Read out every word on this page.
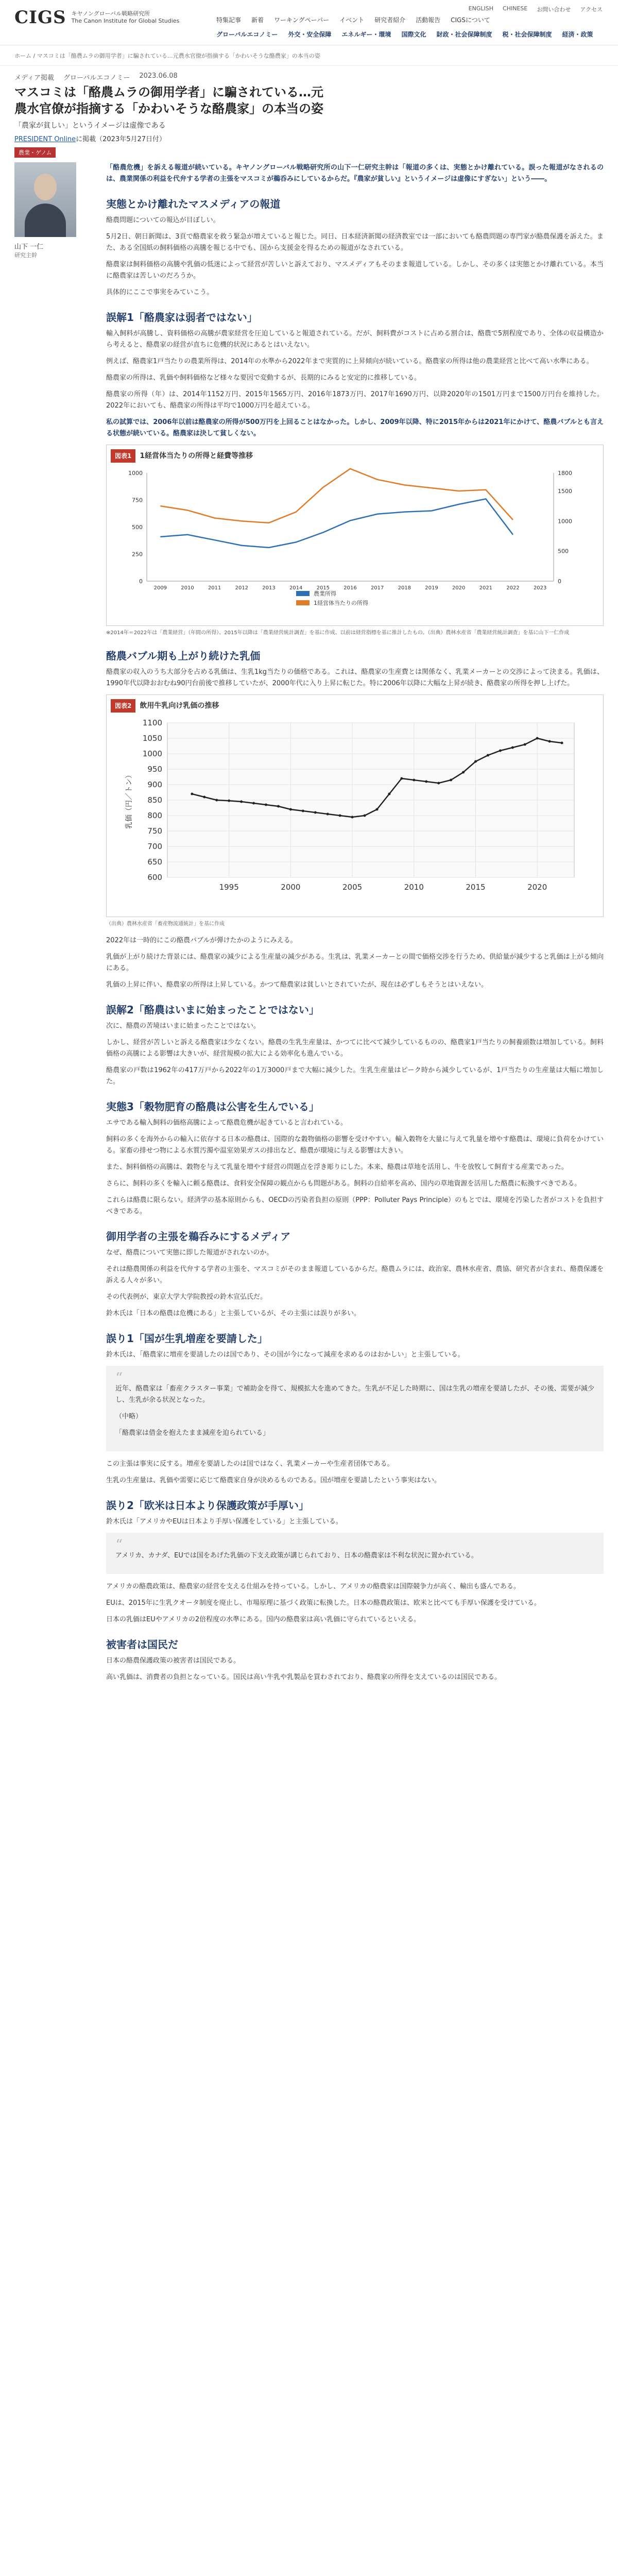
CIGS キヤノングローバル戦略研究所
The Canon Institute for Global Studies
ENGLISH CHINESE お問い合わせ アクセス
特集記事 新着 ワーキングペーパー イベント 研究者紹介 活動報告 CIGSについて
グローバルエコノミー 外交・安全保障 エネルギー・環境 国際文化 財政・社会保障制度 税・社会保障制度 経済・政策
ホーム / マスコミは「酪農ムラの御用学者」に騙されている…元農水官僚が指摘する「かわいそうな酪農家」の本当の姿
メディア掲載 グローバルエコノミー 2023.06.08
マスコミは「酪農ムラの御用学者」に騙されている…元農水官僚が指摘する「かわいそうな酪農家」の本当の姿
「農家が貧しい」というイメージは虚像である
PRESIDENT Onlineに掲載（2023年5月27日付）
農業・ゲノム
山下 一仁
研究主幹

「酪農危機」を訴える報道が続いている。キヤノングローバル戦略研究所の山下一仁研究主幹は「報道の多くは、実態とかけ離れている。誤った報道がなされるのは、農業関係の利益を代弁する学者の主張をマスコミが鵜呑みにしているからだ。『農家が貧しい』というイメージは虚像にすぎない」という――。

実態とかけ離れたマスメディアの報道

酪農問題についての報込が目ぼしい。

5月2日、朝日新聞は、3頁で酪農家を救う緊急が増えていると報じた。同日、日本経済新聞の経済教室では一部においても酪農問題の専門家が酪農保護を訴えた。また、ある全国紙の飼料価格の高騰を報じる中でも、国から支援金を得るための報道がなされている。

酪農家は飼料価格の高騰や乳価の低迷によって経営が苦しいと訴えており、マスメディアもそのまま報道している。しかし、その多くは実態とかけ離れている。本当に酪農家は苦しいのだろうか。

具体的にここで事実をみていこう。

誤解1「酪農家は弱者ではない」

輸入飼料が高騰し、資料価格の高騰が農家経営を圧迫していると報道されている。だが、飼料費がコストに占める割合は、酪農で5割程度であり、全体の収益構造から考えると、酪農家の経営が直ちに危機的状況にあるとはいえない。

例えば、酪農家1戸当たりの農業所得は、2014年の水準から2022年まで実質的に上昇傾向が続いている。酪農家の所得は他の農業経営と比べて高い水準にある。

酪農家の所得は、乳価や飼料価格など様々な要因で変動するが、長期的にみると安定的に推移している。

酪農家の所得（年）は、2014年1152万円、2015年1565万円、2016年1873万円、2017年1690万円、以降2020年の1501万円まで1500万円台を維持した。2022年においても、酪農家の所得は平均で1000万円を超えている。

私の試算では、2006年以前は酪農家の所得が500万円を上回ることはなかった。しかし、2009年以降、特に2015年からは2021年にかけて、酪農バブルとも言える状態が続いている。酪農家は決して貧しくない。

図表1	1経営体当たりの所得と経費等推移
0
250
500
750
1000
0
500
1000
1500
1800
2009	2010	2011	2012	2013	2014	2015	2016	2017	2018	2019	2020	2021	2022	2023
農業所得
1経営体当たりの所得
※2014年＝2022年は「農業経営」（年間の所得）、2015年以降は「農業経営統計調査」を基に作成、以前は経営指標を基に推計したもの。（出典）農林水産省「農業経営統計調査」を基に山下一仁作成
酪農バブル期も上がり続けた乳価

酪農家の収入のうち大部分を占める乳価は、生乳1kg当たりの価格である。これは、酪農家の生産費とは関係なく、乳業メーカーとの交渉によって決まる。乳価は、1990年代以降おおむね90円台前後で推移していたが、2000年代に入り上昇に転じた。特に2006年以降に大幅な上昇が続き、酪農家の所得を押し上げた。

図表2	飲用牛乳向け乳価の推移
600
650
700
750
800
850
900
950
1000
1050
1100
1995	2000	2005	2010	2015	2020
乳価（円／トン）
（出典）農林水産省「畜産物流通統計」を基に作成

2022年は一時的にこの酪農バブルが弾けたかのようにみえる。

乳価が上がり続けた背景には、酪農家の減少による生産量の減少がある。生乳は、乳業メーカーとの間で価格交渉を行うため、供給量が減少すると乳価は上がる傾向にある。

乳価の上昇に伴い、酪農家の所得は上昇している。かつて酪農家は貧しいとされていたが、現在は必ずしもそうとはいえない。

誤解2「酪農はいまに始まったことではない」

次に、酪農の苦境はいまに始まったことではない。

しかし、経営が苦しいと訴える酪農家は少なくない。酪農の生乳生産量は、かつてに比べて減少しているものの、酪農家1戸当たりの飼養頭数は増加している。飼料価格の高騰による影響は大きいが、経営規模の拡大による効率化も進んでいる。

酪農家の戸数は1962年の417万戸から2022年の1万3000戸まで大幅に減少した。生乳生産量はピーク時から減少しているが、1戸当たりの生産量は大幅に増加した。

実態3「穀物肥育の酪農は公害を生んでいる」

エサである輸入飼料の価格高騰によって酪農危機が起きていると言われている。

飼料の多くを海外からの輸入に依存する日本の酪農は、国際的な穀物価格の影響を受けやすい。輸入穀物を大量に与えて乳量を増やす酪農は、環境に負荷をかけている。家畜の排せつ物による水質汚濁や温室効果ガスの排出など、酪農が環境に与える影響は大きい。

また、飼料価格の高騰は、穀物を与えて乳量を増やす経営の問題点を浮き彫りにした。本来、酪農は草地を活用し、牛を放牧して飼育する産業であった。

さらに、飼料の多くを輸入に頼る酪農は、食料安全保障の観点からも問題がある。飼料の自給率を高め、国内の草地資源を活用した酪農に転換すべきである。

これらは酪農に限らない。経済学の基本原則からも、OECDの汚染者負担の原則（PPP：Polluter Pays Principle）のもとでは、環境を汚染した者がコストを負担すべきである。

御用学者の主張を鵜呑みにするメディア

なぜ、酪農について実態に即した報道がされないのか。

それは酪農関係の利益を代弁する学者の主張を、マスコミがそのまま報道しているからだ。酪農ムラには、政治家、農林水産省、農協、研究者が含まれ、酪農保護を訴える人々が多い。

その代表例が、東京大学大学院教授の鈴木宣弘氏だ。

鈴木氏は「日本の酪農は危機にある」と主張しているが、その主張には誤りが多い。

誤り1「国が生乳増産を要請した」

鈴木氏は、「酪農家に増産を要請したのは国であり、その国が今になって減産を求めるのはおかしい」と主張している。

“

近年、酪農家は「畜産クラスター事業」で補助金を得て、規模拡大を進めてきた。生乳が不足した時期に、国は生乳の増産を要請したが、その後、需要が減少し、生乳が余る状況となった。

（中略）

「酪農家は借金を抱えたまま減産を迫られている」

この主張は事実に反する。増産を要請したのは国ではなく、乳業メーカーや生産者団体である。

生乳の生産量は、乳価や需要に応じて酪農家自身が決めるものである。国が増産を要請したという事実はない。

誤り2「欧米は日本より保護政策が手厚い」

鈴木氏は「アメリカやEUは日本より手厚い保護をしている」と主張している。

“

アメリカ、カナダ、EUでは国をあげた乳価の下支え政策が講じられており、日本の酪農家は不利な状況に置かれている。

アメリカの酪農政策は、酪農家の経営を支える仕組みを持っている。しかし、アメリカの酪農家は国際競争力が高く、輸出も盛んである。

EUは、2015年に生乳クオータ制度を廃止し、市場原理に基づく政策に転換した。日本の酪農政策は、欧米と比べても手厚い保護を受けている。

日本の乳価はEUやアメリカの2倍程度の水準にある。国内の酪農家は高い乳価に守られているといえる。

被害者は国民だ

日本の酪農保護政策の被害者は国民である。

高い乳価は、消費者の負担となっている。国民は高い牛乳や乳製品を買わされており、酪農家の所得を支えているのは国民である。
